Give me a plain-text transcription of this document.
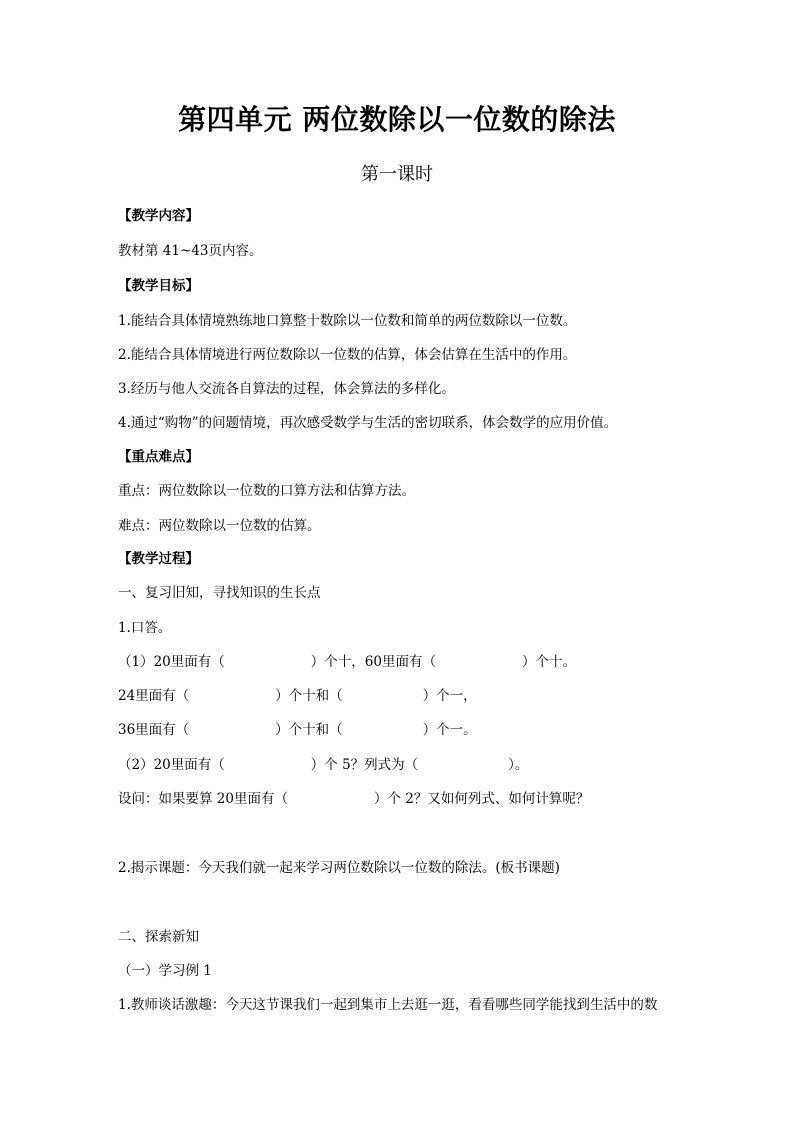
第四单元 两位数除以一位数的除法
第一课时
【教学内容】
教材第 41~43页内容。
【教学目标】
1.能结合具体情境熟练地口算整十数除以一位数和简单的两位数除以一位数。
2.能结合具体情境进行两位数除以一位数的估算，体会估算在生活中的作用。
3.经历与他人交流各自算法的过程，体会算法的多样化。
4.通过“购物”的问题情境，再次感受数学与生活的密切联系，体会数学的应用价值。
【重点难点】
重点：两位数除以一位数的口算方法和估算方法。
难点：两位数除以一位数的估算。
【教学过程】
一、复习旧知，寻找知识的生长点
1.口答。
（1）20里面有（	）个十，60里面有（	）个十。
24里面有（	）个十和（	）个一，
36里面有（	）个十和（	）个一。
（2）20里面有（	）个 5？列式为（	）。
设问：如果要算 20里面有（	）个 2？又如何列式、如何计算呢？
2.揭示课题：今天我们就一起来学习两位数除以一位数的除法。(板书课题)
二、探索新知
（一）学习例 1
1.教师谈话激趣：今天这节课我们一起到集市上去逛一逛，看看哪些同学能找到生活中的数
